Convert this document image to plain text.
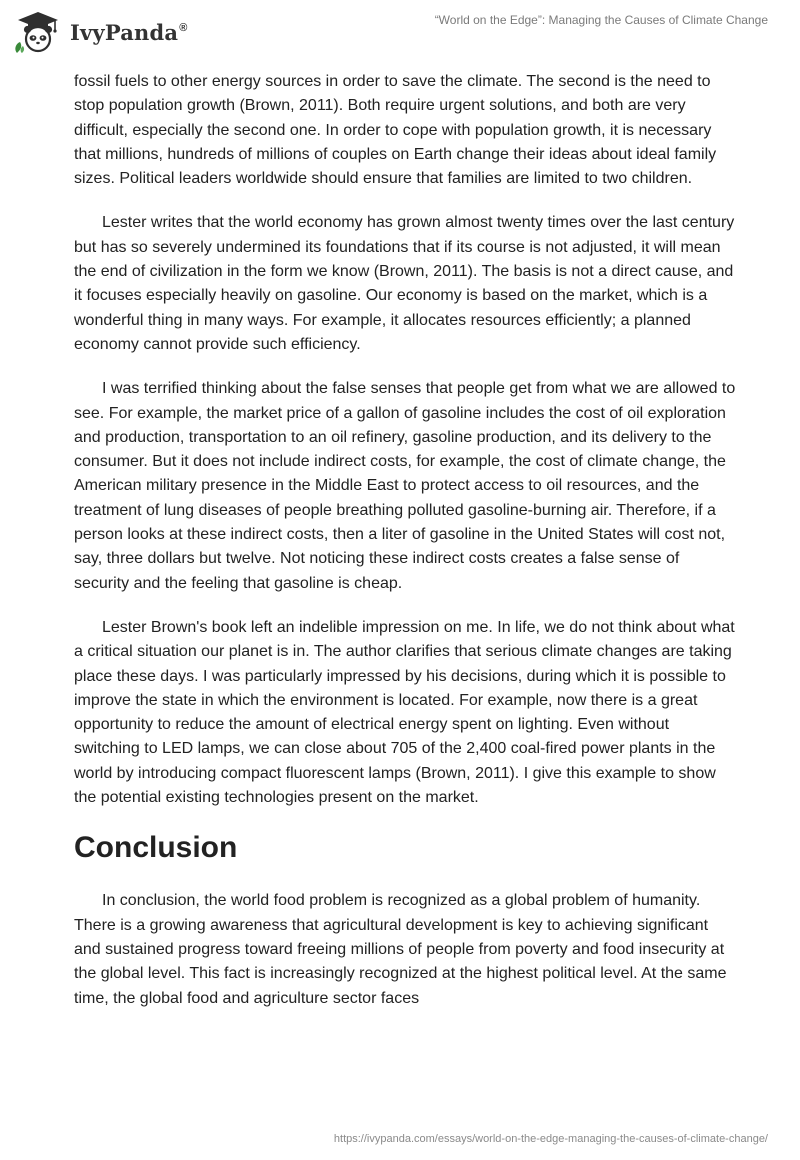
IvyPanda®
“World on the Edge”: Managing the Causes of Climate Change

fossil fuels to other energy sources in order to save the climate. The second is the need to stop population growth (Brown, 2011). Both require urgent solutions, and both are very difficult, especially the second one. In order to cope with population growth, it is necessary that millions, hundreds of millions of couples on Earth change their ideas about ideal family sizes. Political leaders worldwide should ensure that families are limited to two children.

Lester writes that the world economy has grown almost twenty times over the last century but has so severely undermined its foundations that if its course is not adjusted, it will mean the end of civilization in the form we know (Brown, 2011). The basis is not a direct cause, and it focuses especially heavily on gasoline. Our economy is based on the market, which is a wonderful thing in many ways. For example, it allocates resources efficiently; a planned economy cannot provide such efficiency.

I was terrified thinking about the false senses that people get from what we are allowed to see. For example, the market price of a gallon of gasoline includes the cost of oil exploration and production, transportation to an oil refinery, gasoline production, and its delivery to the consumer. But it does not include indirect costs, for example, the cost of climate change, the American military presence in the Middle East to protect access to oil resources, and the treatment of lung diseases of people breathing polluted gasoline-burning air. Therefore, if a person looks at these indirect costs, then a liter of gasoline in the United States will cost not, say, three dollars but twelve. Not noticing these indirect costs creates a false sense of security and the feeling that gasoline is cheap.

Lester Brown's book left an indelible impression on me. In life, we do not think about what a critical situation our planet is in. The author clarifies that serious climate changes are taking place these days. I was particularly impressed by his decisions, during which it is possible to improve the state in which the environment is located. For example, now there is a great opportunity to reduce the amount of electrical energy spent on lighting. Even without switching to LED lamps, we can close about 705 of the 2,400 coal-fired power plants in the world by introducing compact fluorescent lamps (Brown, 2011). I give this example to show the potential existing technologies present on the market.

Conclusion

In conclusion, the world food problem is recognized as a global problem of humanity. There is a growing awareness that agricultural development is key to achieving significant and sustained progress toward freeing millions of people from poverty and food insecurity at the global level. This fact is increasingly recognized at the highest political level. At the same time, the global food and agriculture sector faces

https://ivypanda.com/essays/world-on-the-edge-managing-the-causes-of-climate-change/
